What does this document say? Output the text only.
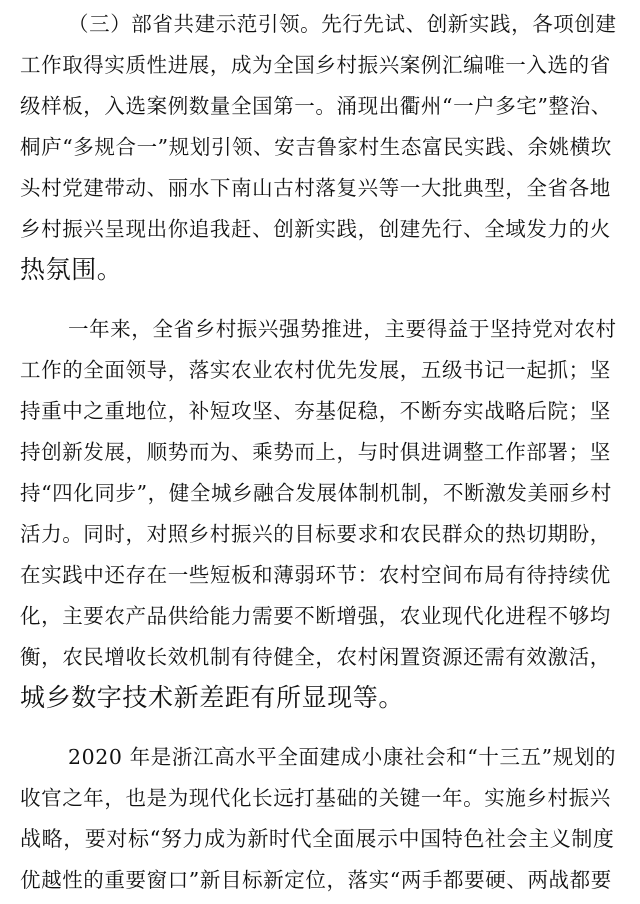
（三）部省共建示范引领。先行先试、创新实践，各项创建
工作取得实质性进展，成为全国乡村振兴案例汇编唯一入选的省
级样板，入选案例数量全国第一。涌现出衢州“一户多宅”整治、
桐庐“多规合一”规划引领、安吉鲁家村生态富民实践、余姚横坎
头村党建带动、丽水下南山古村落复兴等一大批典型，全省各地
乡村振兴呈现出你追我赶、创新实践，创建先行、全域发力的火
热氛围。
一年来，全省乡村振兴强势推进，主要得益于坚持党对农村
工作的全面领导，落实农业农村优先发展，五级书记一起抓；坚
持重中之重地位，补短攻坚、夯基促稳，不断夯实战略后院；坚
持创新发展，顺势而为、乘势而上，与时俱进调整工作部署；坚
持“四化同步”，健全城乡融合发展体制机制，不断激发美丽乡村
活力。同时，对照乡村振兴的目标要求和农民群众的热切期盼，
在实践中还存在一些短板和薄弱环节：农村空间布局有待持续优
化，主要农产品供给能力需要不断增强，农业现代化进程不够均
衡，农民增收长效机制有待健全，农村闲置资源还需有效激活，
城乡数字技术新差距有所显现等。
2020 年是浙江高水平全面建成小康社会和“十三五”规划的
收官之年，也是为现代化长远打基础的关键一年。实施乡村振兴
战略，要对标“努力成为新时代全面展示中国特色社会主义制度
优越性的重要窗口”新目标新定位，落实“两手都要硬、两战都要
